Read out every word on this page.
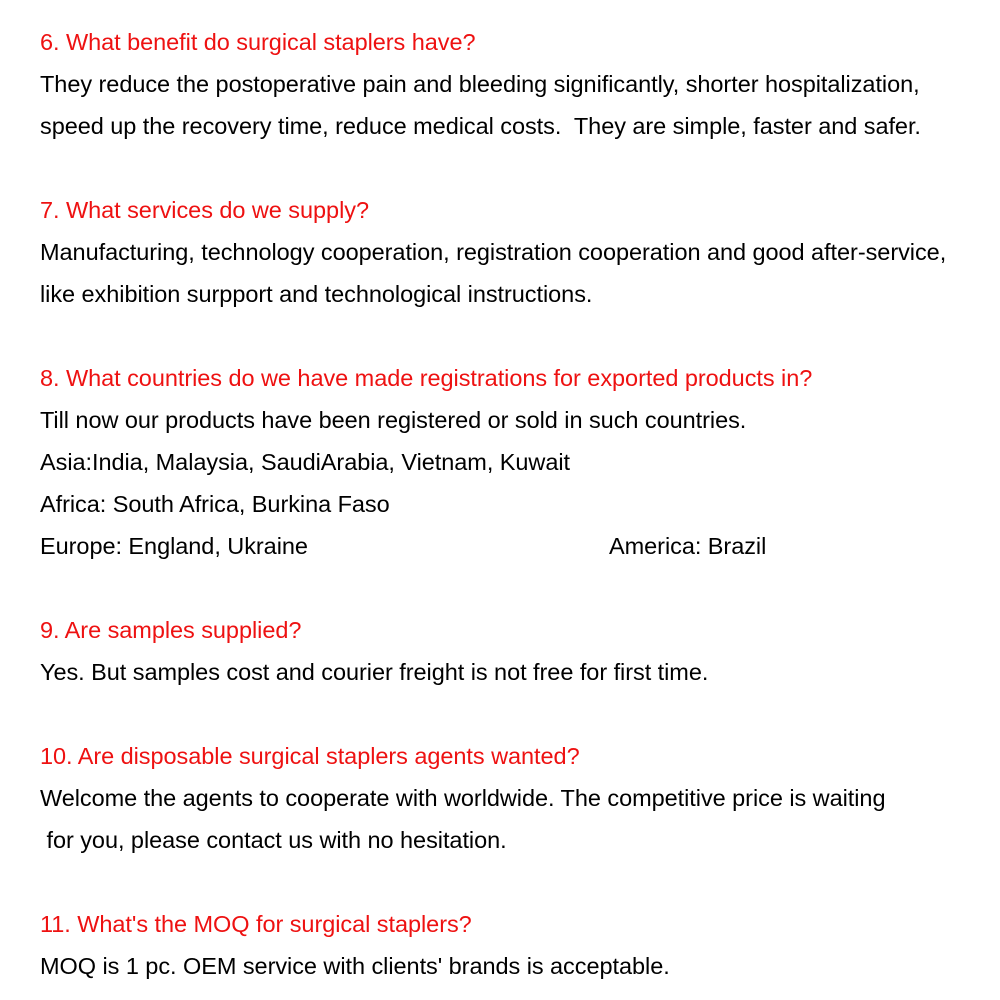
6. What benefit do surgical staplers have?
They reduce the postoperative pain and bleeding significantly, shorter hospitalization,
speed up the recovery time, reduce medical costs.  They are simple, faster and safer.
7. What services do we supply?
Manufacturing, technology cooperation, registration cooperation and good after-service,
like exhibition surpport and technological instructions.
8. What countries do we have made registrations for exported products in?
Till now our products have been registered or sold in such countries.
Asia:India, Malaysia, SaudiArabia, Vietnam, Kuwait
Africa: South Africa, Burkina Faso
Europe: England, Ukraine	America: Brazil
9. Are samples supplied?
Yes. But samples cost and courier freight is not free for first time.
10. Are disposable surgical staplers agents wanted?
Welcome the agents to cooperate with worldwide. The competitive price is waiting
for you, please contact us with no hesitation.
11. What's the MOQ for surgical staplers?
MOQ is 1 pc. OEM service with clients' brands is acceptable.
